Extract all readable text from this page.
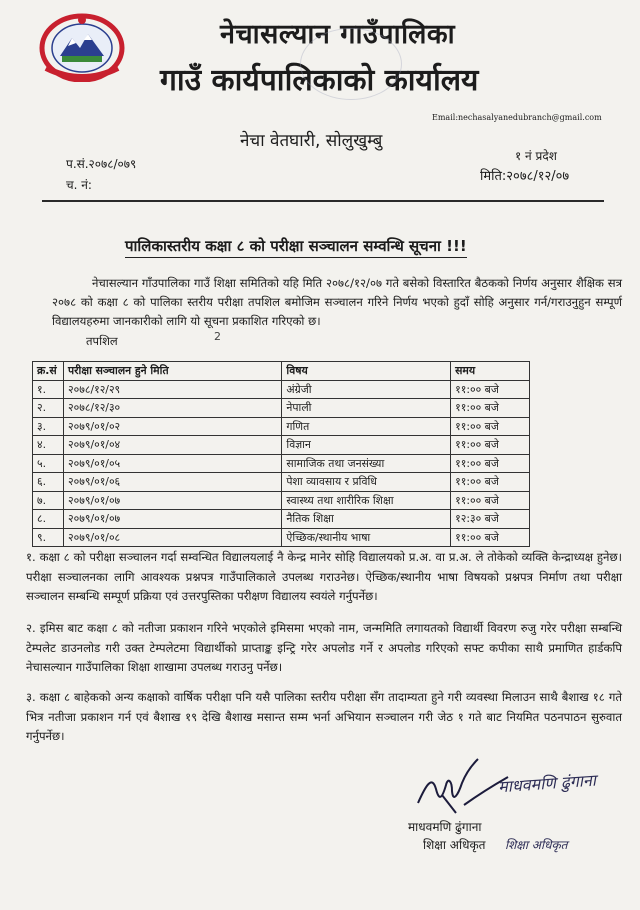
नेचासल्यान गाउँपालिका
गाउँ कार्यपालिकाको कार्यालय
Email:nechasalyanedubranch@gmail.com
नेचा वेतघारी, सोलुखुम्बु
१ नं प्रदेश
प.सं.२०७८/०७९
मिति:२०७८/१२/०७
च. नं:
पालिकास्तरीय कक्षा ८ को परीक्षा सञ्चालन सम्वन्धि सूचना !!!
नेचासल्यान गाँउपालिका गाउँ शिक्षा समितिको यहि मिति २०७८/१२/०७ गते बसेको विस्तारित बैठकको निर्णय अनुसार शैक्षिक सत्र २०७८ को कक्षा ८ को पालिका स्तरीय परीक्षा तपशिल बमोजिम सञ्चालन गरिने निर्णय भएको हुदाँ सोहि अनुसार गर्न/गराउनुहुन सम्पूर्ण विद्यालयहरुमा जानकारीको लागि यो सूचना प्रकाशित गरिएको छ।
तपशिल	2
क्र.सं	परीक्षा सञ्चालन हुने मिति	विषय	समय
१.	२०७८/१२/२९	अंग्रेजी	११:०० बजे
२.	२०७८/१२/३०	नेपाली	११:०० बजे
३.	२०७९/०१/०२	गणित	११:०० बजे
४.	२०७९/०१/०४	विज्ञान	११:०० बजे
५.	२०७९/०१/०५	सामाजिक तथा जनसंख्या	११:०० बजे
६.	२०७९/०१/०६	पेशा व्यावसाय र प्रविधि	११:०० बजे
७.	२०७९/०१/०७	स्वास्थ्य तथा शारीरिक शिक्षा	११:०० बजे
८.	२०७९/०१/०७	नैतिक शिक्षा	१२:३० बजे
९.	२०७९/०१/०८	ऐच्छिक/स्थानीय भाषा	११:०० बजे
१. कक्षा ८ को परीक्षा सञ्चालन गर्दा सम्वन्धित विद्यालयलाई नै केन्द्र मानेर सोहि विद्यालयको प्र.अ. वा प्र.अ. ले तोकेको व्यक्ति केन्द्राध्यक्ष हुनेछ। परीक्षा सञ्चालनका लागि आवश्यक प्रश्नपत्र गाउँपालिकाले उपलब्ध गराउनेछ। ऐच्छिक/स्थानीय भाषा विषयको प्रश्नपत्र निर्माण तथा परीक्षा सञ्चालन सम्बन्धि सम्पूर्ण प्रक्रिया एवं उत्तरपुस्तिका परीक्षण विद्यालय स्वयंले गर्नुपर्नेछ।
२. इमिस बाट कक्षा ८ को नतीजा प्रकाशन गरिने भएकोले इमिसमा भएको नाम, जन्ममिति लगायतको विद्यार्थी विवरण रुजु गरेर परीक्षा सम्बन्धि टेम्पलेट डाउनलोड गरी उक्त टेम्पलेटमा विद्यार्थीको प्राप्ताङ्क इन्ट्रि गरेर अपलोड गर्ने र अपलोड गरिएको सफ्ट कपीका साथै प्रमाणित हार्डकपि नेचासल्यान गाउँपालिका शिक्षा शाखामा उपलब्ध गराउनु पर्नेछ।
३. कक्षा ८ बाहेकको अन्य कक्षाको वार्षिक परीक्षा पनि यसै पालिका स्तरीय परीक्षा सँग तादाम्यता हुने गरी व्यवस्था मिलाउन साथै बैशाख १८ गते भित्र नतीजा प्रकाशन गर्न एवं बैशाख १९ देखि बैशाख मसान्त सम्म भर्ना अभियान सञ्चालन गरी जेठ १ गते बाट नियमित पठनपाठन सुरुवात गर्नुपर्नेछ।
माधवमणि ढुंगाना
माधवमणि ढुंगाना
शिक्षा अधिकृत शिक्षा अधिकृत
